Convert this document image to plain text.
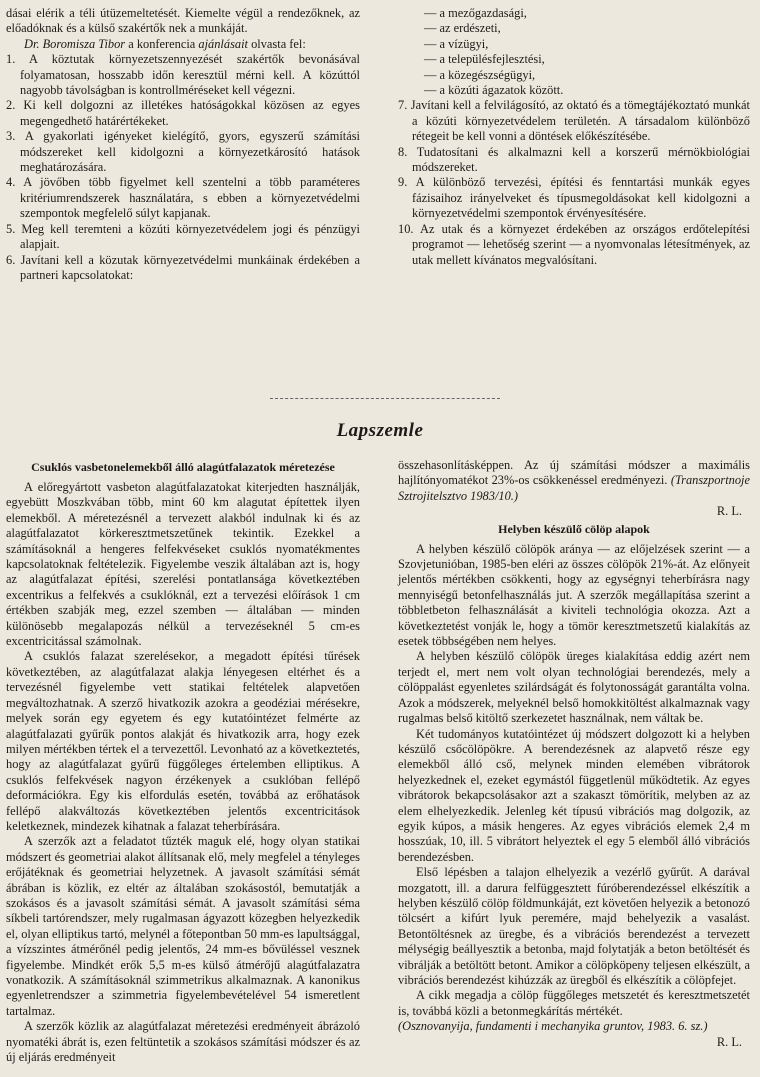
dásai elérik a téli útüzemeltetését. Kiemelte végül a rendezőknek, az előadóknak és a külső szakértők nek a munkáját.

Dr. Boromisza Tibor a konferencia ajánlásait olvasta fel:

1. A köztutak környezetszennyezését szakértők bevonásával folyamatosan, hosszabb időn keresztül mérni kell. A közúttól nagyobb távolságban is kontrollméréseket kell végezni.
2. Ki kell dolgozni az illetékes hatóságokkal közösen az egyes megengedhető határértékeket.
3. A gyakorlati igényeket kielégítő, gyors, egyszerű számítási módszereket kell kidolgozni a környezetkárosító hatások meghatározására.
4. A jövőben több figyelmet kell szentelni a több paraméteres kritériumrendszerek használatára, s ebben a környezetvédelmi szempontok megfelelő súlyt kapjanak.
5. Meg kell teremteni a közúti környezetvédelem jogi és pénzügyi alapjait.
6. Javítani kell a közutak környezetvédelmi munkáinak érdekében a partneri kapcsolatokat:
— a mezőgazdasági,
— az erdészeti,
— a vízügyi,
— a településfejlesztési,
— a közegészségügyi,
— a közúti ágazatok között.
7. Javítani kell a felvilágosító, az oktató és a tömegtájékoztató munkát a közúti környezetvédelem területén. A társadalom különböző rétegeit be kell vonni a döntések előkészítésébe.
8. Tudatosítani és alkalmazni kell a korszerű mérnökbiológiai módszereket.
9. A különböző tervezési, építési és fenntartási munkák egyes fázisaihoz irányelveket és típusmegoldásokat kell kidolgozni a környezetvédelmi szempontok érvényesítésére.
10. Az utak és a környezet érdekében az országos erdőtelepítési programot — lehetőség szerint — a nyomvonalas létesítmények, az utak mellett kívánatos megvalósítani.
Lapszemle
Csuklós vasbetonelemekből álló alagútfalazatok méretezése

A előregyártott vasbeton alagútfalazatokat kiterjedten használják, egyebütt Moszkvában több, mint 60 km alagutat építettek ilyen elemekből. A méretezésnél a tervezett alakból indulnak ki és az alagútfalazatot körkeresztmetszetűnek tekintik. Ezekkel a számításoknál a hengeres felfekvéseket csuklós nyomatékmentes kapcsolatoknak feltételezik. Figyelembe veszik általában azt is, hogy az alagútfalazat építési, szerelési pontatlansága következtében excentrikus a felfekvés a csuklóknál, ezt a tervezési előírások 1 cm értékben szabják meg, ezzel szemben — általában — minden különösebb megalapozás nélkül a tervezéseknél 5 cm-es excentricitással számolnak.

A csuklós falazat szerelésekor, a megadott építési tűrések következtében, az alagútfalazat alakja lényegesen eltérhet és a tervezésnél figyelembe vett statikai feltételek alapvetően megváltozhatnak. A szerző hivatkozik azokra a geodéziai mérésekre, melyek során egy egyetem és egy kutatóintézet felmérte az alagútfalazati gyűrűk pontos alakját és hivatkozik arra, hogy ezek milyen mértékben tértek el a tervezettől. Levonható az a következtetés, hogy az alagútfalazat gyűrű függőleges értelemben elliptikus. A csuklós felfekvések nagyon érzékenyek a csuklóban fellépő deformációkra. Egy kis elfordulás esetén, továbbá az erőhatások fellépő alakváltozás következtében jelentős excentricitások keletkeznek, mindezek kihatnak a falazat teherbírására.

A szerzők azt a feladatot tűzték maguk elé, hogy olyan statikai módszert és geometriai alakot állítsanak elő, mely megfelel a tényleges erőjátéknak és geometriai helyzetnek. A javasolt számítási sémát ábrában is közlik, ez eltér az általában szokásostól, bemutatják a szokásos és a javasolt számítási sémát. A javasolt számítási séma síkbeli tartórendszer, mely rugalmasan ágyazott közegben helyezkedik el, olyan elliptikus tartó, melynél a főtepontban 50 mm-es lapultsággal, a vízszintes átmérőnél pedig jelentős, 24 mm-es bővüléssel vesznek figyelembe. Mindkét erők 5,5 m-es külső átmérőjű alagútfalazatra vonatkozik. A számításoknál szimmetrikus alkalmaznak. A kanonikus egyenletrendszer a szimmetria figyelembevételével 54 ismeretlent tartalmaz.

A szerzők közlik az alagútfalazat méretezési eredményeit ábrázoló nyomatéki ábrát is, ezen feltüntetik a szokásos számítási módszer és az új eljárás eredményeit

összehasonlításképpen. Az új számítási módszer a maximális hajlítónyomatékot 23%-os csökkenéssel eredményezi. (Transzportnoje Sztrojitelsztvo 1983/10.)

R. L.

Helyben készülő cölöp alapok

A helyben készülő cölöpök aránya — az előjelzések szerint — a Szovjetunióban, 1985-ben eléri az összes cölöpök 21%-át. Az előnyeit jelentős mértékben csökkenti, hogy az egységnyi teherbírásra nagy mennyiségű betonfelhasználás jut. A szerzők megállapítása szerint a többletbeton felhasználását a kiviteli technológia okozza. Azt a következtetést vonják le, hogy a tömör keresztmetszetű kialakítás az esetek többségében nem helyes.

A helyben készülő cölöpök üreges kialakítása eddig azért nem terjedt el, mert nem volt olyan technológiai berendezés, mely a cölöppalást egyenletes szilárdságát és folytonosságát garantálta volna. Azok a módszerek, melyeknél belső homokkitöltést alkalmaznak vagy rugalmas belső kitöltő szerkezetet használnak, nem váltak be.

Két tudományos kutatóintézet új módszert dolgozott ki a helyben készülő csőcölöpökre. A berendezésnek az alapvető része egy elemekből álló cső, melynek minden elemében vibrátorok helyezkednek el, ezeket egymástól függetlenül működtetik. Az egyes vibrátorok bekapcsolásakor azt a szakaszt tömörítik, melyben az az elem elhelyezkedik. Jelenleg két típusú vibrációs mag dolgozik, az egyik kúpos, a másik hengeres. Az egyes vibrációs elemek 2,4 m hosszúak, 10, ill. 5 vibrátort helyeztek el egy 5 elemből álló vibrációs berendezésben.

Első lépésben a talajon elhelyezik a vezérlő gyűrűt. A darával mozgatott, ill. a darura felfüggesztett fúróberendezéssel elkészítik a helyben készülő cölöp földmunkáját, ezt követően helyezik a betonozó tölcsért a kifúrt lyuk peremére, majd behelyezik a vasalást. Betontöltésnek az üregbe, és a vibrációs berendezést a tervezett mélységig beállyesztik a betonba, majd folytatják a beton betöltését és vibrálják a betöltött betont. Amikor a cölöpköpeny teljesen elkészült, a vibrációs berendezést kihúzzák az üregből és elkészítik a cölöpfejet.

A cikk megadja a cölöp függőleges metszetét és keresztmetszetét is, továbbá közli a betonmegkárítás mértékét.

(Osznovanyija, fundamenti i mechanyika gruntov, 1983. 6. sz.)

R. L.
